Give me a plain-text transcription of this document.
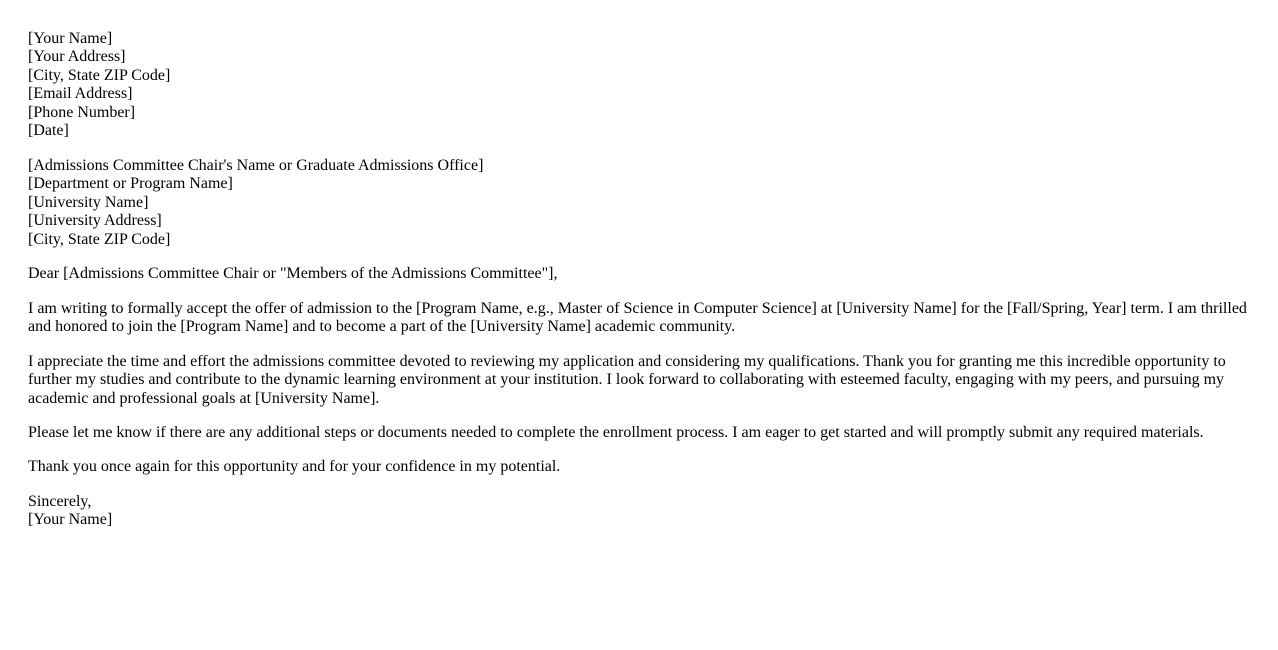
[Your Name]
[Your Address]
[City, State ZIP Code]
[Email Address]
[Phone Number]
[Date]

[Admissions Committee Chair's Name or Graduate Admissions Office]
[Department or Program Name]
[University Name]
[University Address]
[City, State ZIP Code]

Dear [Admissions Committee Chair or "Members of the Admissions Committee"],

I am writing to formally accept the offer of admission to the [Program Name, e.g., Master of Science in Computer Science] at [University Name] for the [Fall/Spring, Year] term. I am thrilled and honored to join the [Program Name] and to become a part of the [University Name] academic community.

I appreciate the time and effort the admissions committee devoted to reviewing my application and considering my qualifications. Thank you for granting me this incredible opportunity to further my studies and contribute to the dynamic learning environment at your institution. I look forward to collaborating with esteemed faculty, engaging with my peers, and pursuing my academic and professional goals at [University Name].

Please let me know if there are any additional steps or documents needed to complete the enrollment process. I am eager to get started and will promptly submit any required materials.

Thank you once again for this opportunity and for your confidence in my potential.

Sincerely,
[Your Name]
